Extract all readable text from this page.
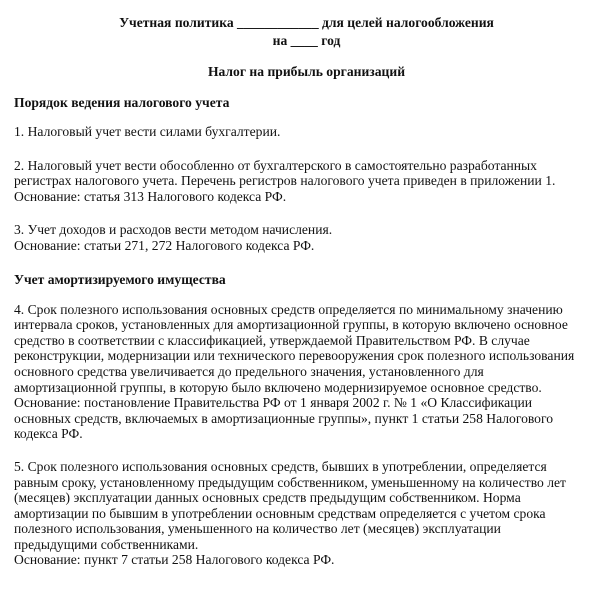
Учетная политика ____________ для целей налогообложения
на ____ год
Налог на прибыль организаций
Порядок ведения налогового учета
1. Налоговый учет вести силами бухгалтерии.
2. Налоговый учет вести обособленно от бухгалтерского в самостоятельно разработанных
регистрах налогового учета. Перечень регистров налогового учета приведен в приложении 1.
Основание: статья 313 Налогового кодекса РФ.
3. Учет доходов и расходов вести методом начисления.
Основание: статьи 271, 272 Налогового кодекса РФ.
Учет амортизируемого имущества
4. Срок полезного использования основных средств определяется по минимальному значению
интервала сроков, установленных для амортизационной группы, в которую включено основное
средство в соответствии с классификацией, утверждаемой Правительством РФ. В случае
реконструкции, модернизации или технического перевооружения срок полезного использования
основного средства увеличивается до предельного значения, установленного для
амортизационной группы, в которую было включено модернизируемое основное средство.
Основание: постановление Правительства РФ от 1 января 2002 г. № 1 «О Классификации
основных средств, включаемых в амортизационные группы», пункт 1 статьи 258 Налогового
кодекса РФ.
5. Срок полезного использования основных средств, бывших в употреблении, определяется
равным сроку, установленному предыдущим собственником, уменьшенному на количество лет
(месяцев) эксплуатации данных основных средств предыдущим собственником. Норма
амортизации по бывшим в употреблении основным средствам определяется с учетом срока
полезного использования, уменьшенного на количество лет (месяцев) эксплуатации
предыдущими собственниками.
Основание: пункт 7 статьи 258 Налогового кодекса РФ.
